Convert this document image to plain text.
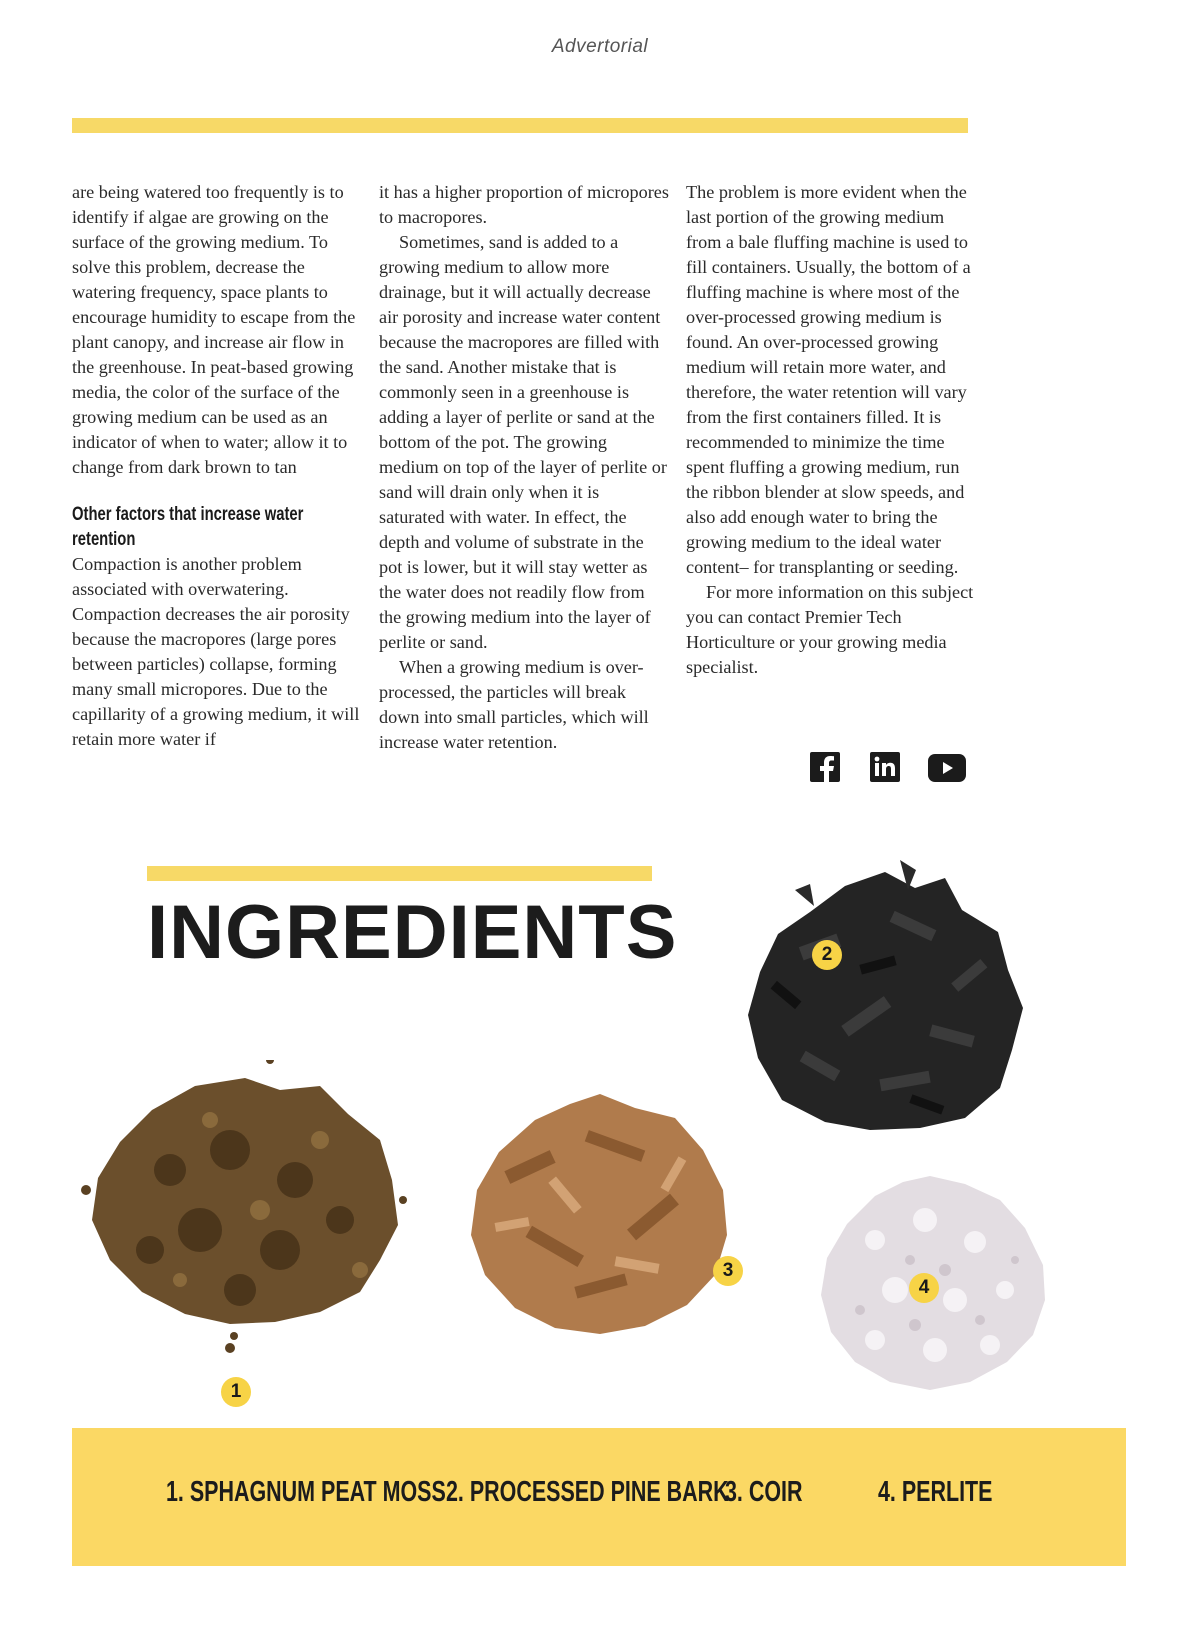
Advertorial

are being watered too frequently is to identify if algae are growing on the surface of the growing medium. To solve this problem, decrease the watering frequency, space plants to encourage humidity to escape from the plant canopy, and increase air flow in the greenhouse. In peat-based growing media, the color of the surface of the growing medium can be used as an indicator of when to water; allow it to change from dark brown to tan

Other factors that increase water retention

Compaction is another problem associated with overwatering. Compaction decreases the air porosity because the macropores (large pores between particles) collapse, forming many small micropores. Due to the capillarity of a growing medium, it will retain more water if

it has a higher proportion of micropores to macropores.

Sometimes, sand is added to a growing medium to allow more drainage, but it will actually decrease air porosity and increase water content because the macropores are filled with the sand. Another mistake that is commonly seen in a greenhouse is adding a layer of perlite or sand at the bottom of the pot. The growing medium on top of the layer of perlite or sand will drain only when it is saturated with water. In effect, the depth and volume of substrate in the pot is lower, but it will stay wetter as the water does not readily flow from the growing medium into the layer of perlite or sand.

When a growing medium is over-processed, the particles will break down into small particles, which will increase water retention.

The problem is more evident when the last portion of the growing medium from a bale fluffing machine is used to fill containers. Usually, the bottom of a fluffing machine is where most of the over-processed growing medium is found. An over-processed growing medium will retain more water, and therefore, the water retention will vary from the first containers filled. It is recommended to minimize the time spent fluffing a growing medium, run the ribbon blender at slow speeds, and also add enough water to bring the growing medium to the ideal water content– for transplanting or seeding.

For more information on this subject you can contact Premier Tech Horticulture or your growing media specialist.

INGREDIENTS
1
2
3
4
1. SPHAGNUM PEAT MOSS 2. PROCESSED PINE BARK
3. COIR	4. PERLITE
